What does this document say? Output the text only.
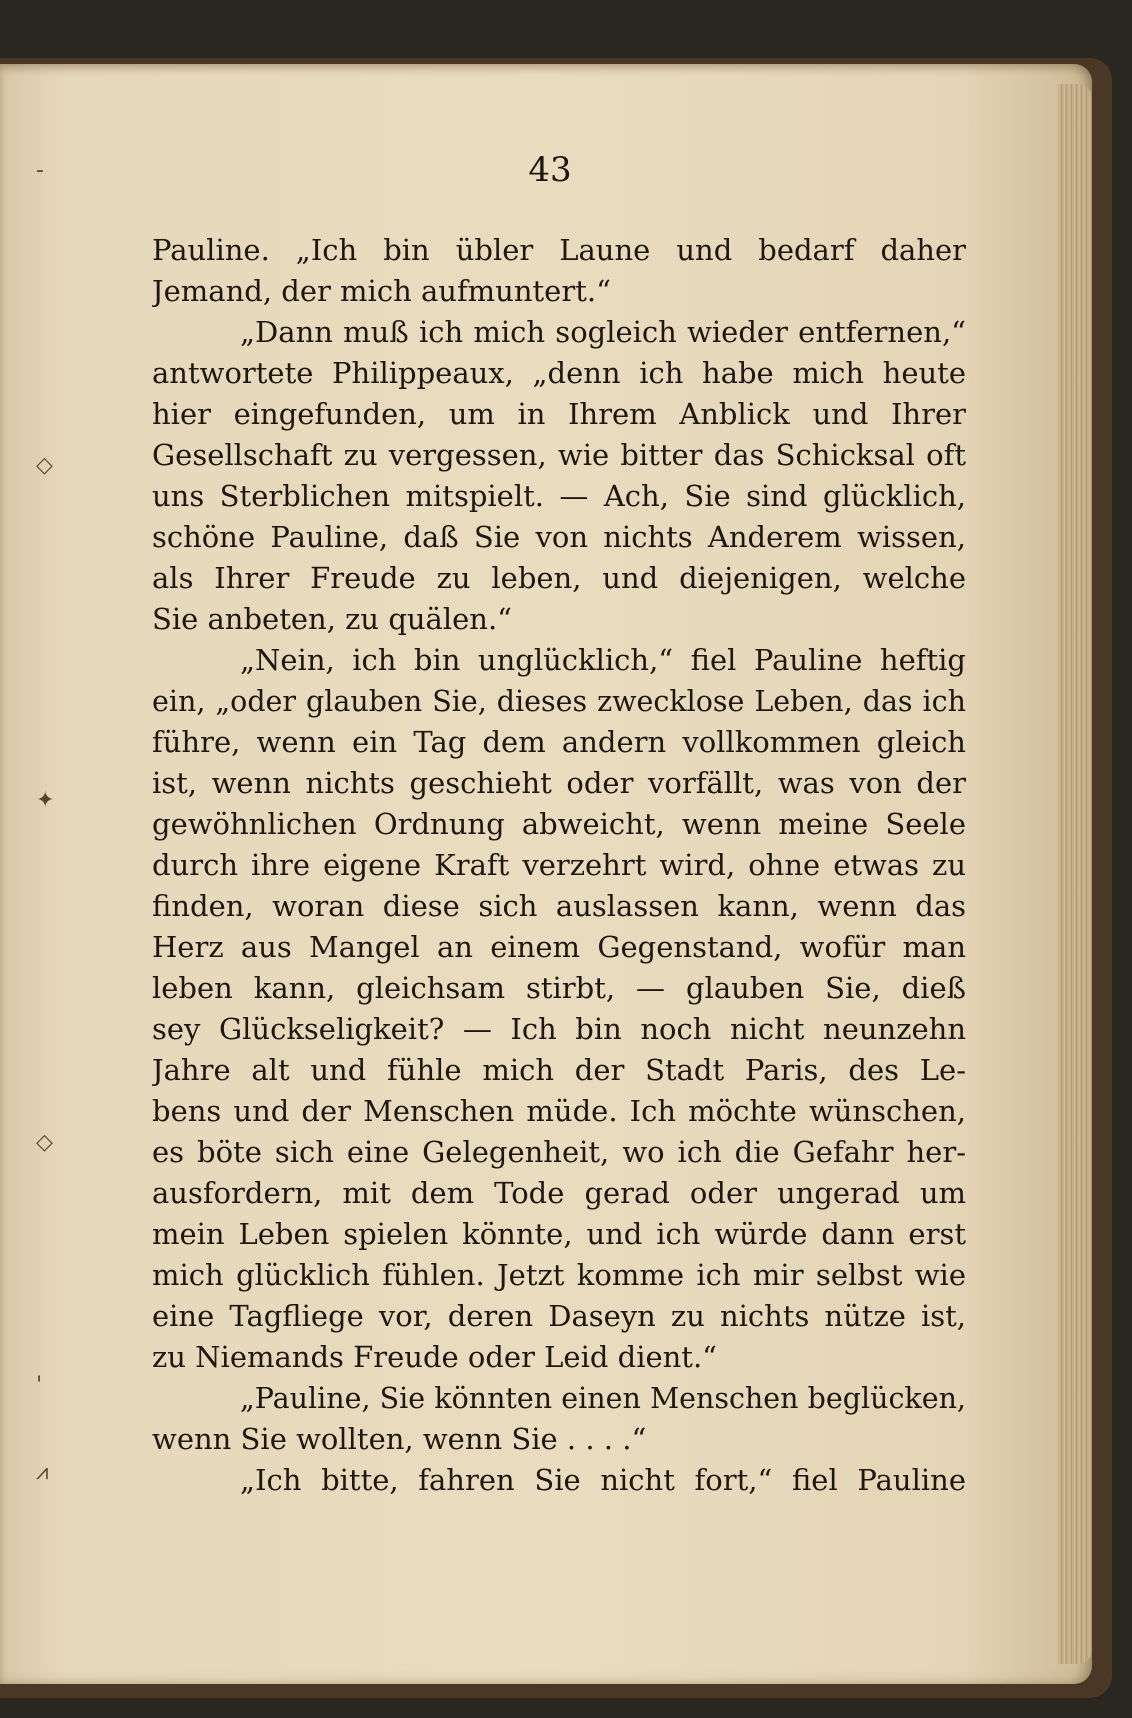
-
◇
✦
◇
'
⩘
43
Pauline. „Ich bin übler Laune und bedarf daher
Jemand, der mich aufmuntert.“
„Dann muß ich mich sogleich wieder entfernen,“
antwortete Philippeaux, „denn ich habe mich heute
hier eingefunden, um in Ihrem Anblick und Ihrer
Gesellschaft zu vergessen, wie bitter das Schicksal oft
uns Sterblichen mitspielt. — Ach, Sie sind glücklich,
schöne Pauline, daß Sie von nichts Anderem wissen,
als Ihrer Freude zu leben, und diejenigen, welche
Sie anbeten, zu quälen.“
„Nein, ich bin unglücklich,“ fiel Pauline heftig
ein, „oder glauben Sie, dieses zwecklose Leben, das ich
führe, wenn ein Tag dem andern vollkommen gleich
ist, wenn nichts geschieht oder vorfällt, was von der
gewöhnlichen Ordnung abweicht, wenn meine Seele
durch ihre eigene Kraft verzehrt wird, ohne etwas zu
finden, woran diese sich auslassen kann, wenn das
Herz aus Mangel an einem Gegenstand, wofür man
leben kann, gleichsam stirbt, — glauben Sie, dieß
sey Glückseligkeit? — Ich bin noch nicht neunzehn
Jahre alt und fühle mich der Stadt Paris, des Le-
bens und der Menschen müde. Ich möchte wünschen,
es böte sich eine Gelegenheit, wo ich die Gefahr her-
ausfordern, mit dem Tode gerad oder ungerad um
mein Leben spielen könnte, und ich würde dann erst
mich glücklich fühlen. Jetzt komme ich mir selbst wie
eine Tagfliege vor, deren Daseyn zu nichts nütze ist,
zu Niemands Freude oder Leid dient.“
„Pauline, Sie könnten einen Menschen beglücken,
wenn Sie wollten, wenn Sie . . . .“
„Ich bitte, fahren Sie nicht fort,“ fiel Pauline
